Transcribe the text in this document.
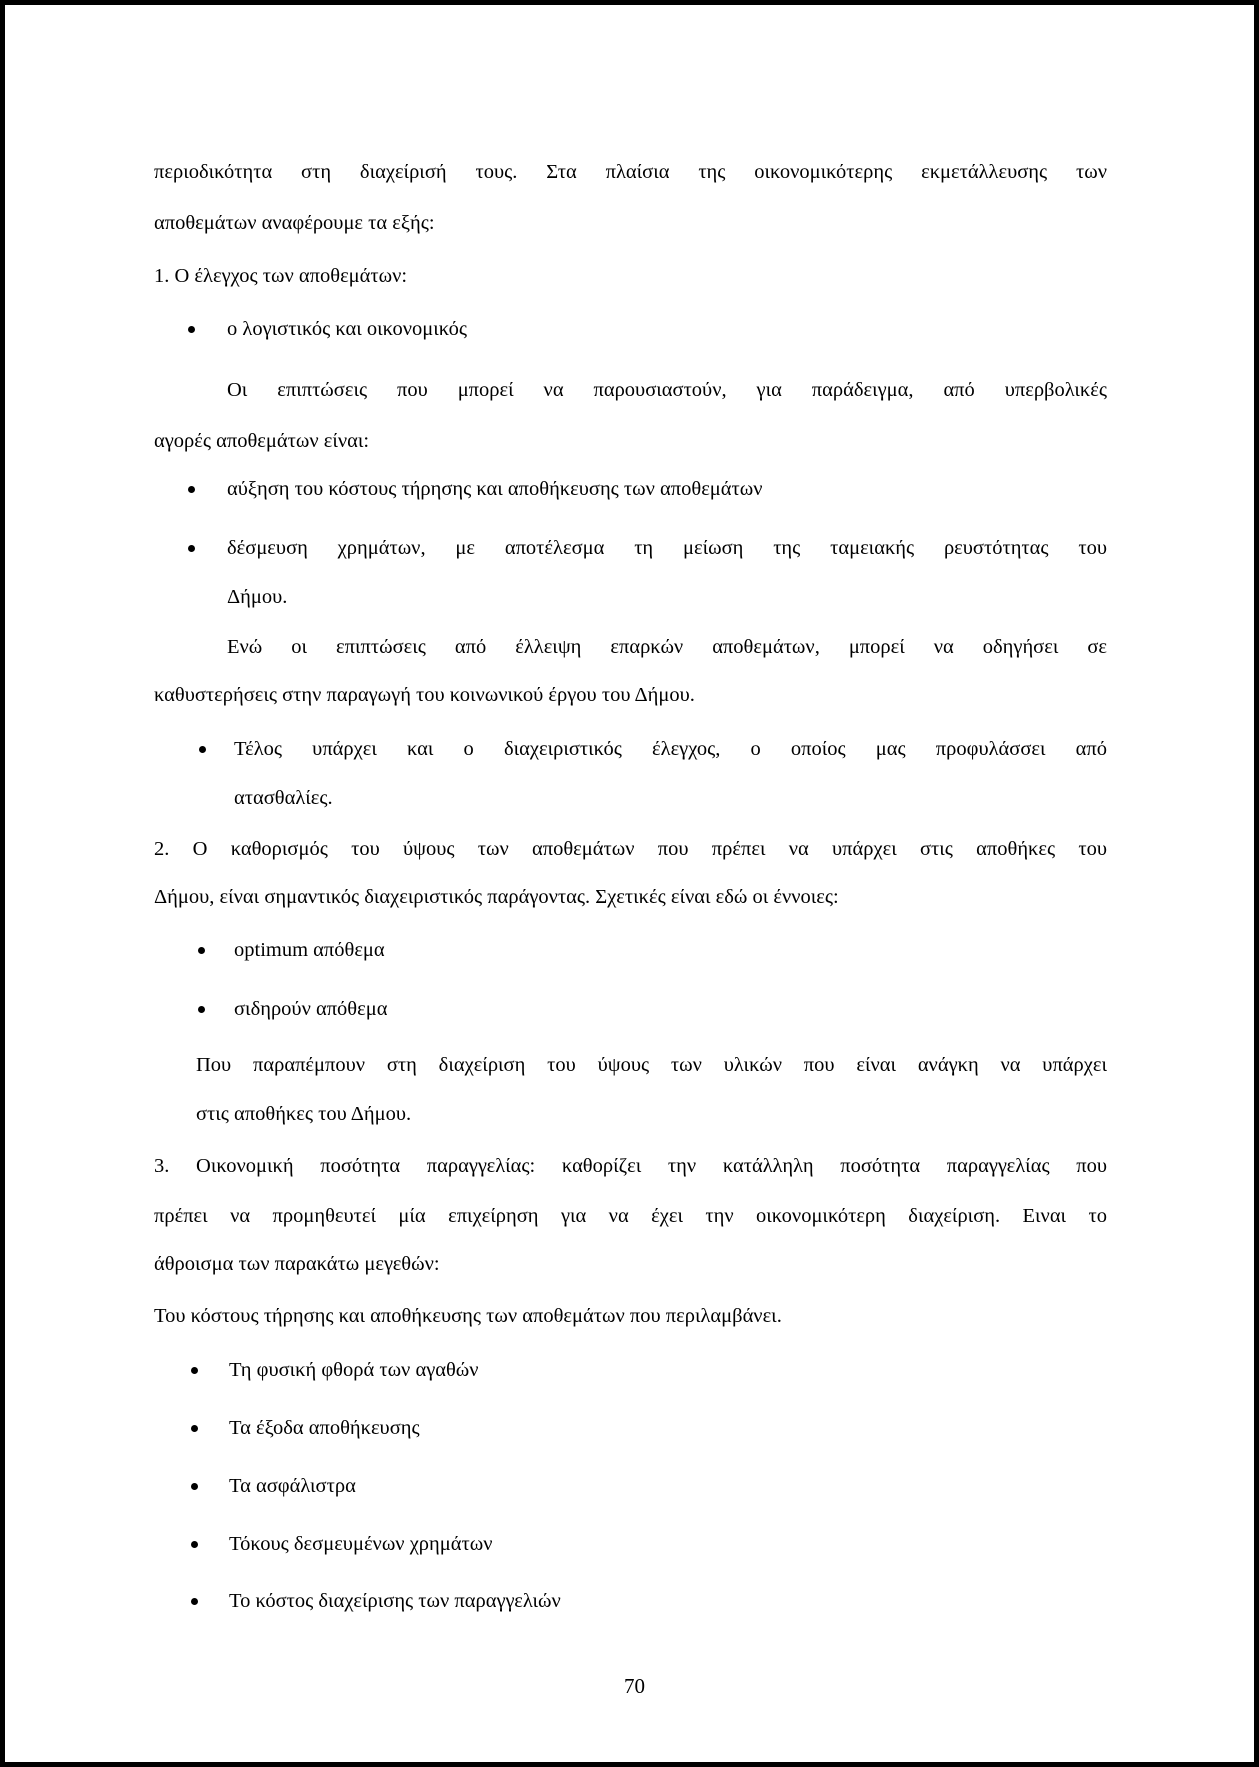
περιοδικότητα στη διαχείρισή τους. Στα πλαίσια της οικονομικότερης εκμετάλλευσης των
αποθεμάτων αναφέρουμε τα εξής:
1. Ο έλεγχος των αποθεμάτων:
ο λογιστικός και οικονομικός
Οι επιπτώσεις που μπορεί να παρουσιαστούν, για παράδειγμα, από υπερβολικές
αγορές αποθεμάτων είναι:
αύξηση του κόστους τήρησης και αποθήκευσης των αποθεμάτων
δέσμευση χρημάτων, με αποτέλεσμα τη μείωση της ταμειακής ρευστότητας του
Δήμου.
Ενώ οι επιπτώσεις από έλλειψη επαρκών αποθεμάτων, μπορεί να οδηγήσει σε
καθυστερήσεις στην παραγωγή του κοινωνικού έργου του Δήμου.
Τέλος υπάρχει και ο διαχειριστικός έλεγχος, ο οποίος μας προφυλάσσει από
ατασθαλίες.
2. Ο καθορισμός του ύψους των αποθεμάτων που πρέπει να υπάρχει στις αποθήκες του
Δήμου, είναι σημαντικός διαχειριστικός παράγοντας. Σχετικές είναι εδώ οι έννοιες:
optimum απόθεμα
σιδηρούν απόθεμα
Που παραπέμπουν στη διαχείριση του ύψους των υλικών που είναι ανάγκη να υπάρχει
στις αποθήκες του Δήμου.
3. Οικονομική ποσότητα παραγγελίας: καθορίζει την κατάλληλη ποσότητα παραγγελίας που
πρέπει να προμηθευτεί μία επιχείρηση για να έχει την οικονομικότερη διαχείριση. Ειναι το
άθροισμα των παρακάτω μεγεθών:
Του κόστους τήρησης και αποθήκευσης των αποθεμάτων που περιλαμβάνει.
Τη φυσική φθορά των αγαθών
Τα έξοδα αποθήκευσης
Τα ασφάλιστρα
Τόκους δεσμευμένων χρημάτων
Το κόστος διαχείρισης των παραγγελιών
70
